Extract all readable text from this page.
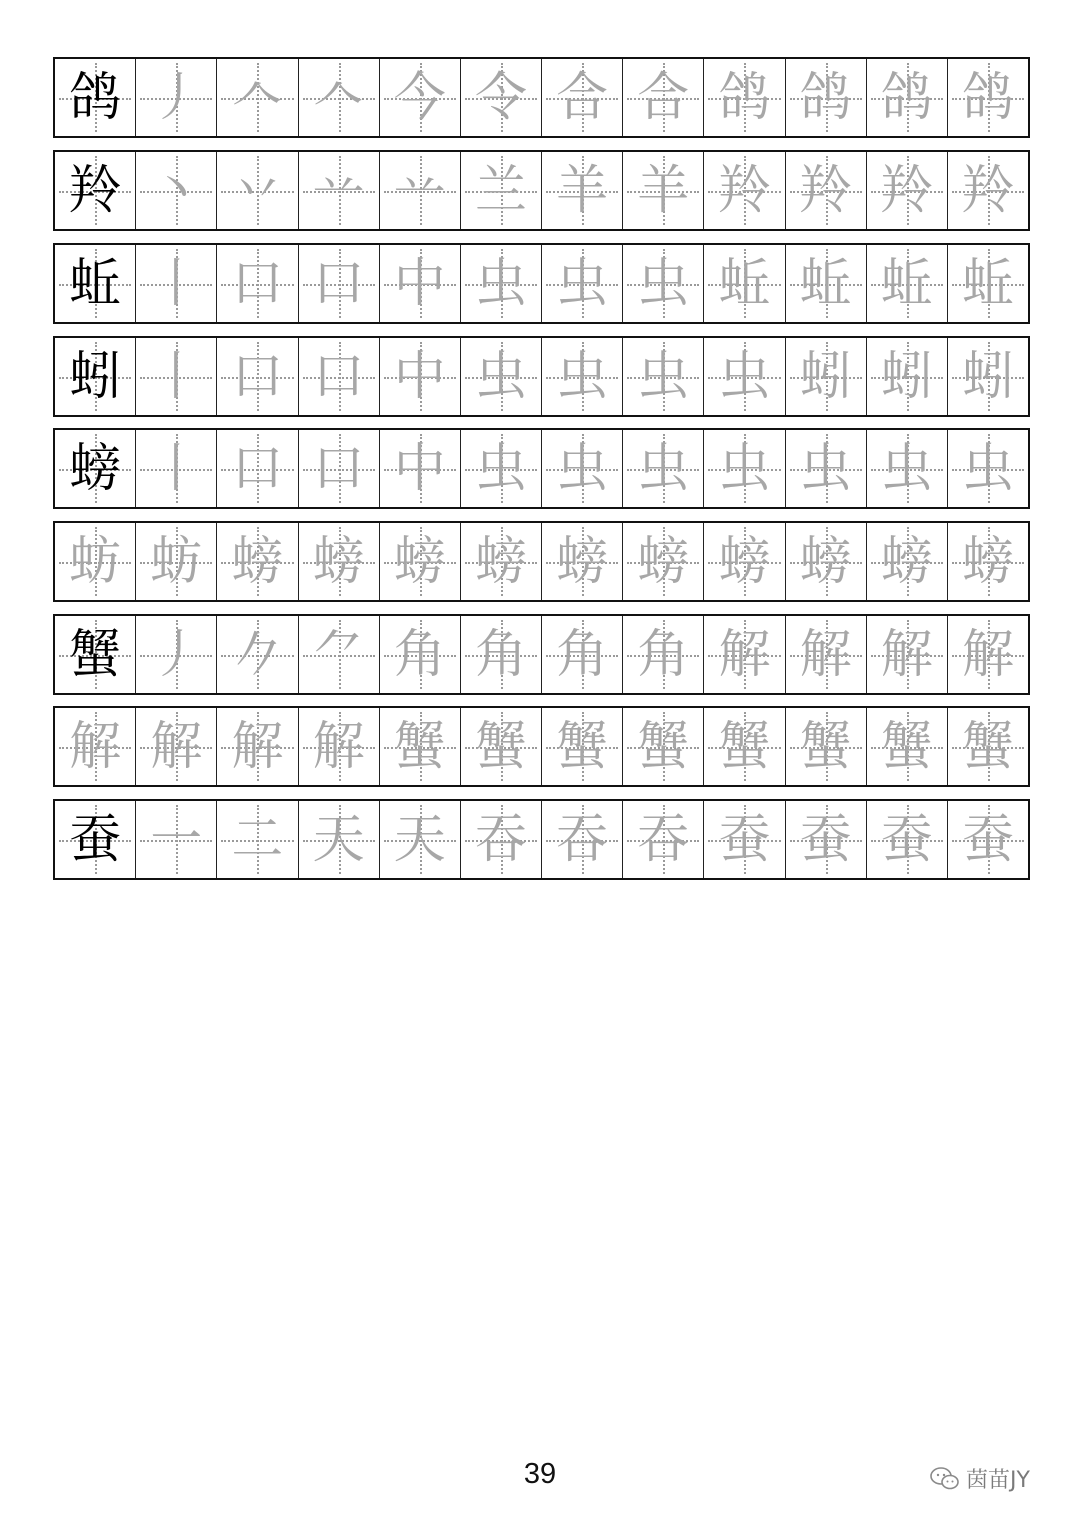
鸽 丿 𠆢 𠆢 今 令 合 合 鸽 鸽 鸽 鸽
羚 丶 丷 䒑 䒑 兰 羊 羊 羚 羚 羚 羚
蚯 丨 口 口 中 虫 虫 虫 蚯 蚯 蚯 蚯
蚓 丨 口 口 中 虫 虫 虫 虫 蚓 蚓 蚓
螃 丨 口 口 中 虫 虫 虫 虫 虫 虫 虫
蚄 蚄 螃 螃 螃 螃 螃 螃 螃 螃 螃 螃
蟹 丿 𠂊 ⺈ 角 角 角 角 解 解 解 解
解 解 解 解 蟹 蟹 蟹 蟹 蟹 蟹 蟹 蟹
蚕 一 二 天 天 吞 吞 吞 蚕 蚕 蚕 蚕
39	茵苗JY
